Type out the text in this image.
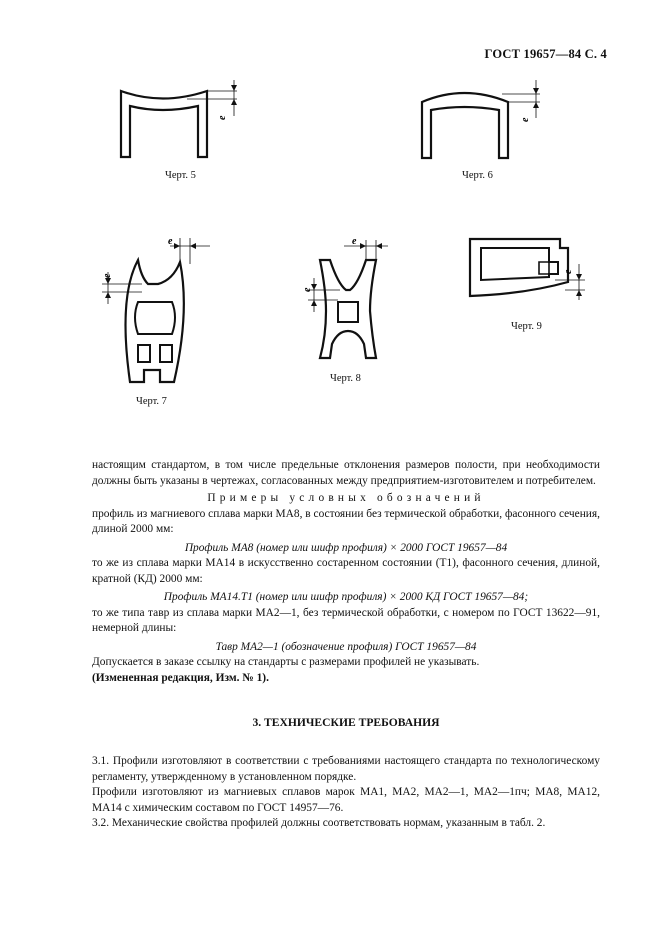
ГОСТ 19657—84 С. 4
e
Черт. 5
e
Черт. 6
e
e
Черт. 7
e
e
Черт. 8
e
Черт. 9

настоящим стандартом, в том числе предельные отклонения размеров полости, при необходимости должны быть указаны в чертежах, согласованных между предприятием-изготовителем и потребителем.

Примеры условных обозначений

профиль из магниевого сплава марки МА8, в состоянии без термической обработки, фасонного сечения, длиной 2000 мм:

Профиль МА8 (номер или шифр профиля) × 2000 ГОСТ 19657—84

то же из сплава марки МА14 в искусственно состаренном состоянии (Т1), фасонного сечения, длиной, кратной (КД) 2000 мм:

Профиль МА14.Т1 (номер или шифр профиля) × 2000 КД ГОСТ 19657—84;

то же типа тавр из сплава марки МА2—1, без термической обработки, с номером по ГОСТ 13622—91, немерной длины:

Тавр МА2—1 (обозначение профиля) ГОСТ 19657—84

Допускается в заказе ссылку на стандарты с размерами профилей не указывать.

(Измененная редакция, Изм. № 1).

3. ТЕХНИЧЕСКИЕ ТРЕБОВАНИЯ

3.1. Профили изготовляют в соответствии с требованиями настоящего стандарта по технологическому регламенту, утвержденному в установленном порядке.

Профили изготовляют из магниевых сплавов марок МА1, МА2, МА2—1, МА2—1пч; МА8, МА12, МА14 с химическим составом по ГОСТ 14957—76.

3.2. Механические свойства профилей должны соответствовать нормам, указанным в табл. 2.
